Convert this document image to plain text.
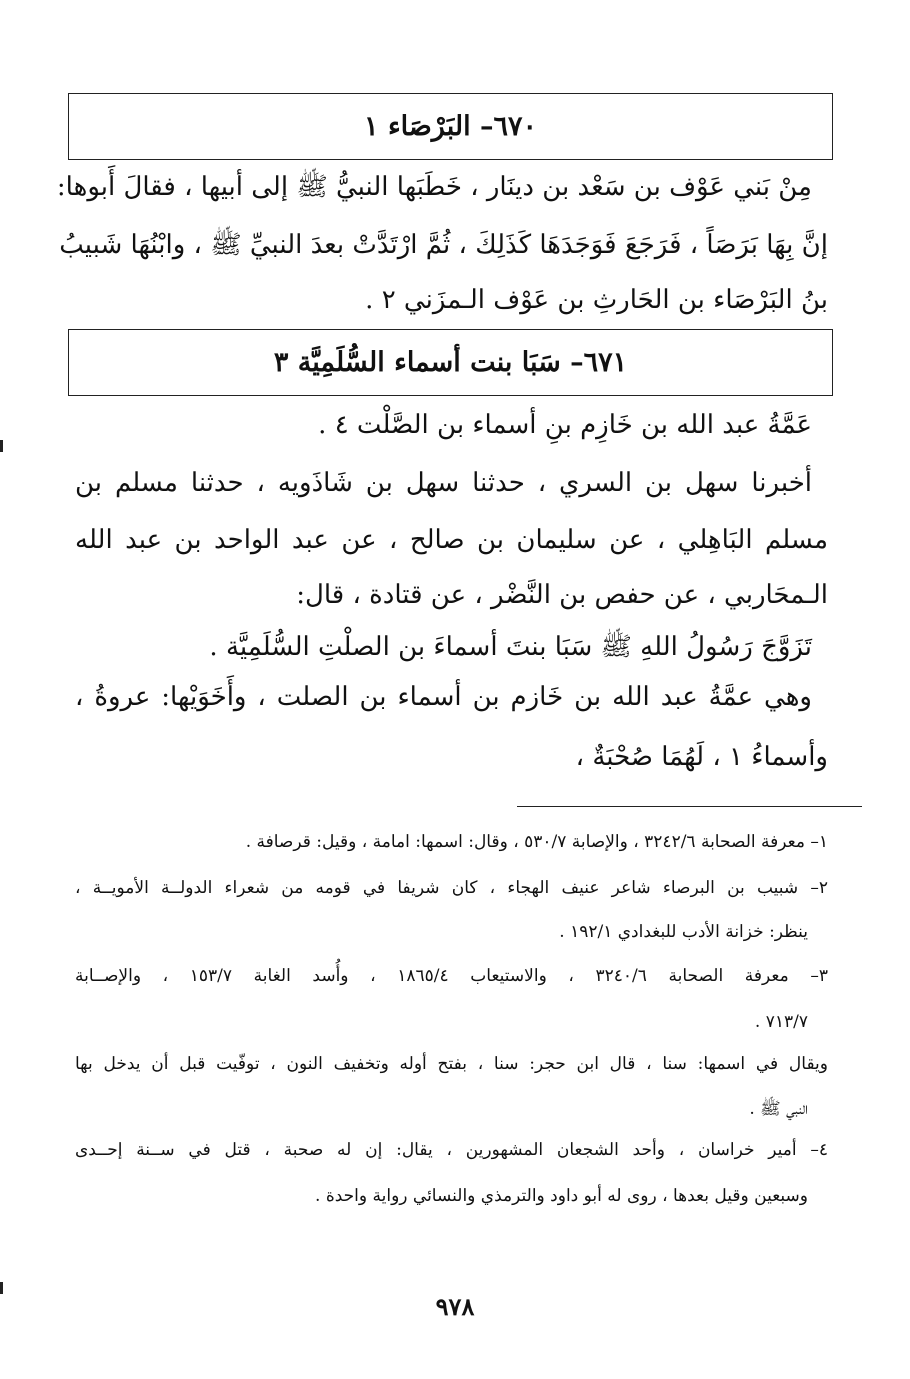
٦٧٠– البَرْصَاء ١
مِنْ بَني عَوْف بن سَعْد بن دينَار ، خَطَبَها النبيُّ ﷺ إلى أبيها ، فقالَ أَبوها:
إنَّ بِهَا بَرَصَاً ، فَرَجَعَ فَوَجَدَهَا كَذَلِكَ ، ثُمَّ ارْتَدَّتْ بعدَ النبيِّ ﷺ ، وابْنُهَا شَبيبُ
بنُ البَرْصَاء بن الحَارثِ بن عَوْف الـمزَني ٢ .
٦٧١– سَبَا بنت أسماء السُّلَمِيَّة ٣
عَمَّةُ عبد الله بن خَازِم بنِ أسماء بن الصَّلْت ٤ .
أخبرنا سهل بن السري ، حدثنا سهل بن شَاذَويه ، حدثنا مسلم بن
مسلم البَاهِلي ، عن سليمان بن صالح ، عن عبد الواحد بن عبد الله
الـمحَاربي ، عن حفص بن النَّضْر ، عن قتادة ، قال:
تَزَوَّجَ رَسُولُ اللهِ ﷺ سَبَا بنتَ أسماءَ بن الصلْتِ السُّلَمِيَّة .
وهي عمَّةُ عبد الله بن خَازم بن أسماء بن الصلت ، وأَخَوَيْها: عروةُ ،
وأسماءُ ١ ، لَهُمَا صُحْبَةٌ ،
١– معرفة الصحابة ٣٢٤٢/٦ ، والإصابة ٥٣٠/٧ ، وقال: اسمها: امامة ، وقيل: قرصافة .
٢– شبيب بن البرصاء شاعر عنيف الهجاء ، كان شريفا في قومه من شعراء الدولــة الأمويــة ،
ينظر: خزانة الأدب للبغدادي ١٩٢/١ .
٣– معرفة الصحابة ٣٢٤٠/٦ ، والاستيعاب ١٨٦٥/٤ ، وأُسد الغابة ١٥٣/٧ ، والإصــابة
٧١٣/٧ .
ويقال في اسمها: سنا ، قال ابن حجر: سنا ، بفتح أوله وتخفيف النون ، توفّيت قبل أن يدخل بها
النبي ﷺ .
٤– أمير خراسان ، وأحد الشجعان المشهورين ، يقال: إن له صحبة ، قتل في ســنة إحــدى
وسبعين وقيل بعدها ، روى له أبو داود والترمذي والنسائي رواية واحدة .
٩٧٨
